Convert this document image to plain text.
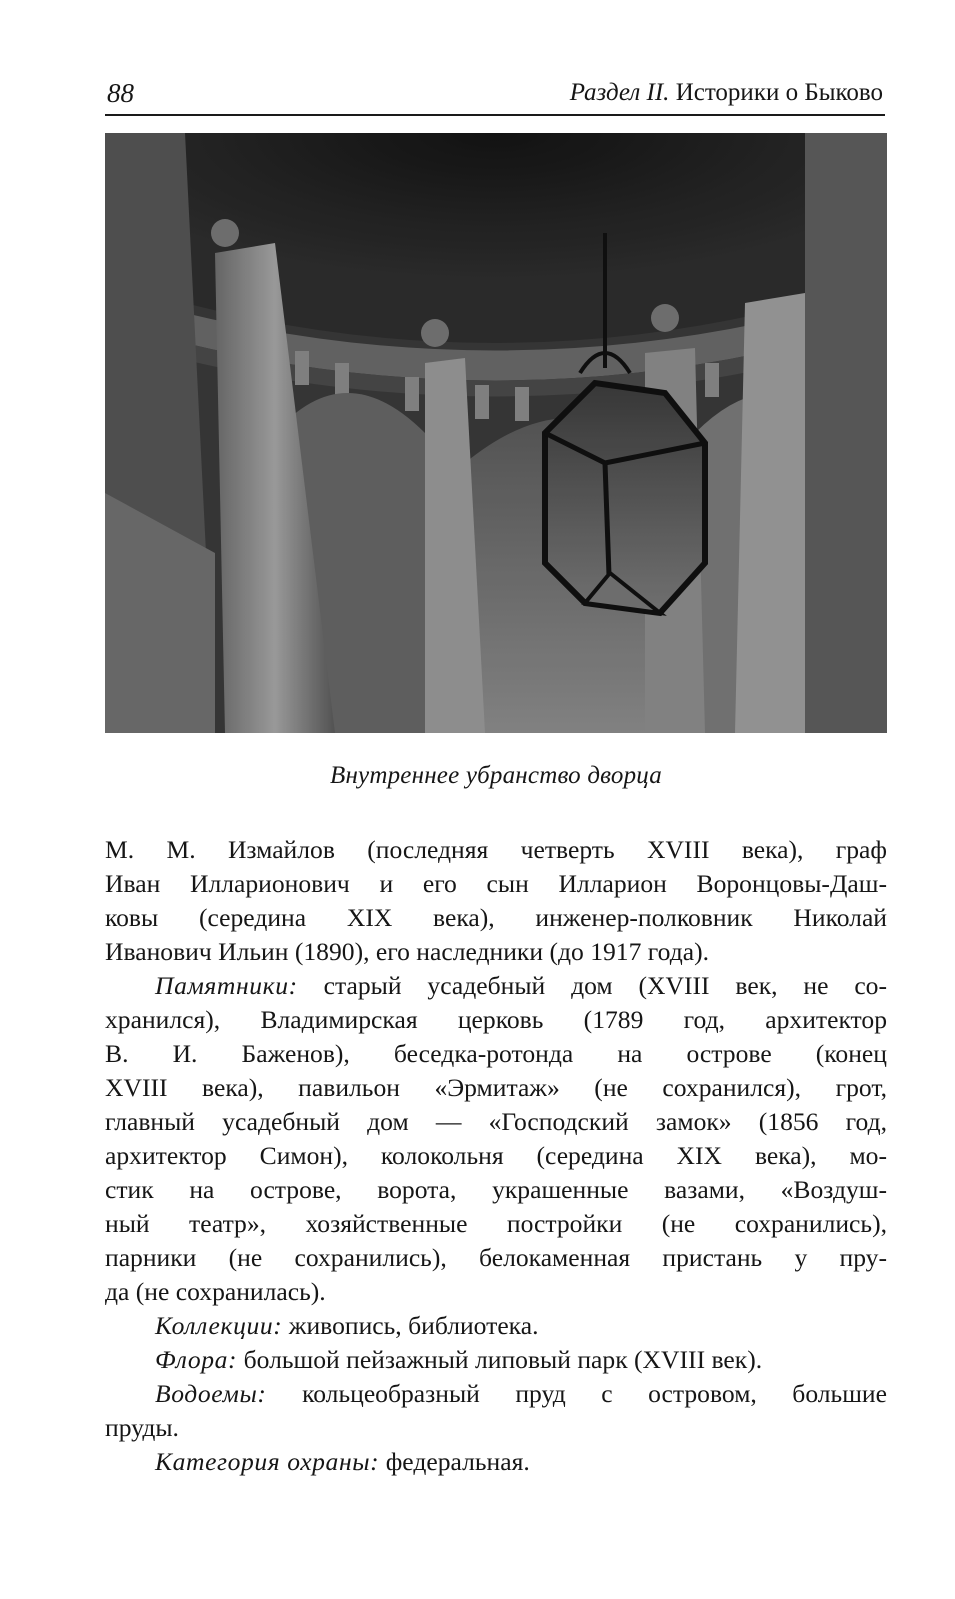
88	Раздел II. Историки о Быково
Внутреннее убранство дворца

М. М. Измайлов (последняя четверть XVIII века), граф
Иван Илларионович и его сын Илларион Воронцовы-Даш-
ковы (середина XIX века), инженер-полковник Николай
Иванович Ильин (1890), его наследники (до 1917 года).

Памятники: старый усадебный дом (XVIII век, не со-
хранился), Владимирская церковь (1789 год, архитектор
В. И. Баженов), беседка-ротонда на острове (конец
XVIII века), павильон «Эрмитаж» (не сохранился), грот,
главный усадебный дом — «Господский замок» (1856 год,
архитектор Симон), колокольня (середина XIX века), мо-
стик на острове, ворота, украшенные вазами, «Воздуш-
ный театр», хозяйственные постройки (не сохранились),
парники (не сохранились), белокаменная пристань у пру-
да (не сохранилась).

Коллекции: живопись, библиотека.

Флора: большой пейзажный липовый парк (XVIII век).

Водоемы: кольцеобразный пруд с островом, большие
пруды.

Категория охраны: федеральная.
